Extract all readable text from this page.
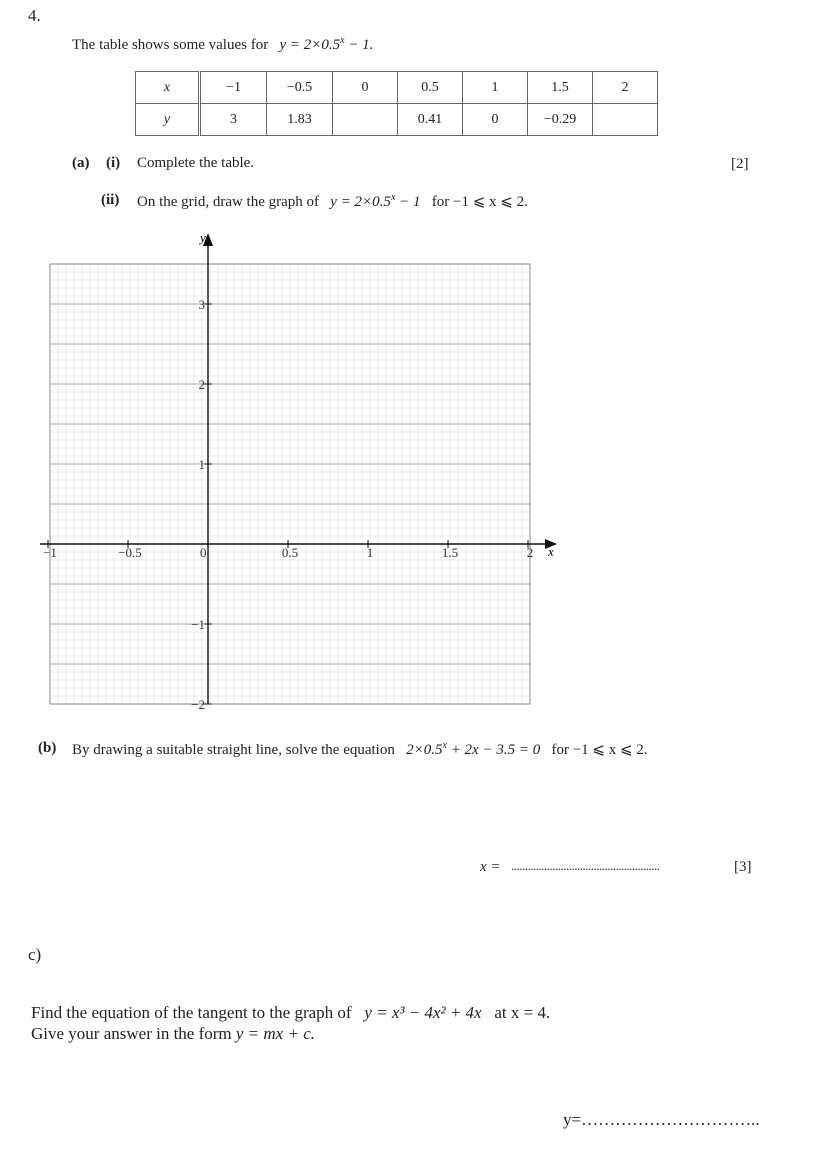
4.
The table shows some values for $y = 2\times 0.5^x - 1$.
x	−1	−0.5	0	0.5	1	1.5	2
y	3	1.83		0.41	0	−0.29	
(a) (i) Complete the table.	[2]
(ii) On the grid, draw the graph of $y = 2\times 0.5^x - 1$ for −1 ⩽ x ⩽ 2.
x
y
−1	−0.5	0	0.5	1	1.5	2
3
2
1
−1
−2
(b) By drawing a suitable straight line, solve the equation $2\times 0.5^x + 2x - 3.5 = 0$ for −1 ⩽ x ⩽ 2.
x = ......................................................	[3]
c)
Find the equation of the tangent to the graph of y = x³ − 4x² + 4x at x = 4.
Give your answer in the form y = mx + c.
y=…………………………..
